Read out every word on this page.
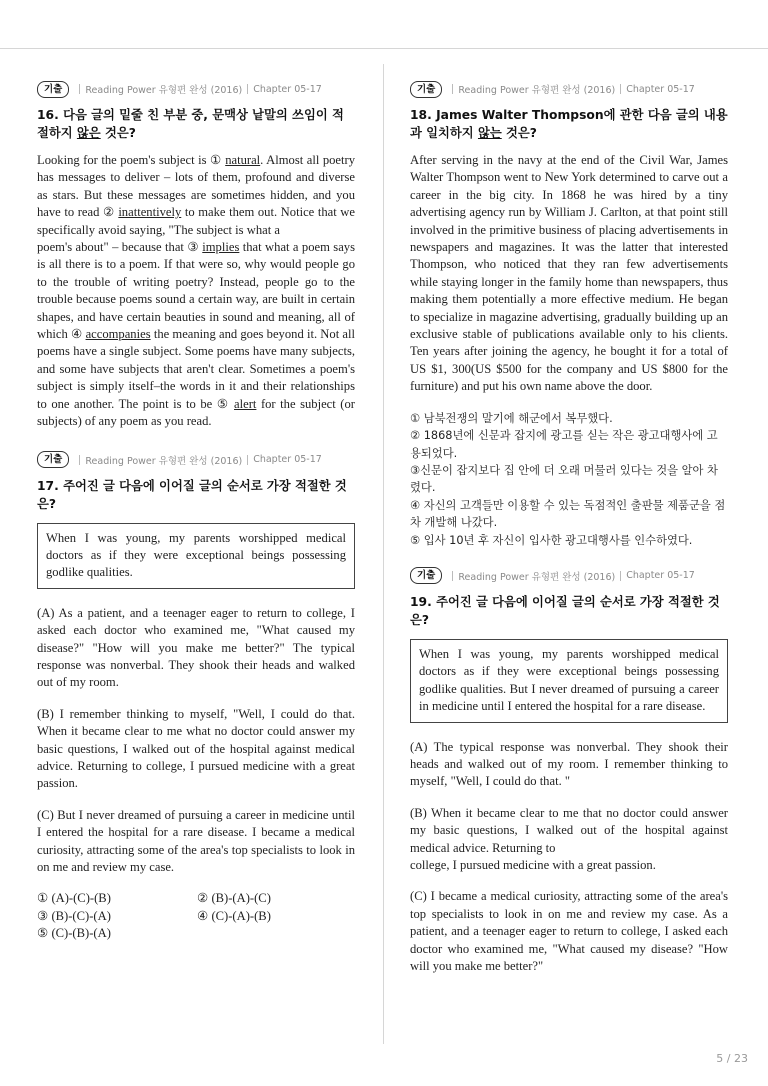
기출	Reading Power 유형편 완성 (2016) Chapter 05-17
16. 다음 글의 밑줄 친 부분 중, 문맥상 낱말의 쓰임이 적절하지 않은 것은?

Looking for the poem's subject is ① natural. Almost all poetry has messages to deliver – lots of them, profound and diverse as stars. But these messages are sometimes hidden, and you have to read ② inattentively to make them out. Notice that we specifically avoid saying, "The subject is what a
poem's about" – because that ③ implies that what a poem says is all there is to a poem. If that were so, why would people go to the trouble of writing poetry? Instead, people go to the trouble because poems sound a certain way, are built in certain shapes, and have certain beauties in sound and meaning, all of which ④ accompanies the meaning and goes beyond it. Not all poems have a single subject. Some poems have many subjects, and some have subjects that aren't clear. Sometimes a poem's subject is simply itself–the words in it and their relationships to one another. The point is to be ⑤ alert for the subject (or subjects) of any poem as you read.

기출	Reading Power 유형편 완성 (2016) Chapter 05-17
17. 주어진 글 다음에 이어질 글의 순서로 가장 적절한 것은?
When I was young, my parents worshipped medical doctors as if they were exceptional beings possessing godlike qualities.

(A) As a patient, and a teenager eager to return to college, I asked each doctor who examined me, "What caused my disease?" "How will you make me better?" The typical response was nonverbal. They shook their heads and walked out of my room.

(B) I remember thinking to myself, "Well, I could do that. When it became clear to me what no doctor could answer my basic questions, I walked out of the hospital against medical advice. Returning to college, I pursued medicine with a great passion.

(C) But I never dreamed of pursuing a career in medicine until I entered the hospital for a rare disease. I became a medical curiosity, attracting some of the area's top specialists to look in on me and review my case.

① (A)-(C)-(B)	② (B)-(A)-(C)
③ (B)-(C)-(A)	④ (C)-(A)-(B)
⑤ (C)-(B)-(A)
기출	Reading Power 유형편 완성 (2016) Chapter 05-17
18. James Walter Thompson에 관한 다음 글의 내용과 일치하지 않는 것은?

After serving in the navy at the end of the Civil War, James Walter Thompson went to New York determined to carve out a career in the big city. In 1868 he was hired by a tiny advertising agency run by William J. Carlton, at that point still involved in the primitive business of placing advertisements in newspapers and magazines. It was the latter that interested Thompson, who noticed that they ran few advertisements while staying longer in the family home than newspapers, thus making them potentially a more effective medium. He began to specialize in magazine advertising, gradually building up an exclusive stable of publications available only to his clients. Ten years after joining the agency, he bought it for a total of US $1, 300(US $500 for the company and US $800 for the furniture) and put his own name above the door.

① 남북전쟁의 말기에 해군에서 복무했다.

② 1868년에 신문과 잡지에 광고를 싣는 작은 광고대행사에 고용되었다.

③신문이 잡지보다 집 안에 더 오래 머물러 있다는 것을 알아 차렸다.

④ 자신의 고객들만 이용할 수 있는 독점적인 출판물 제품군을 점차 개발해 나갔다.

⑤ 입사 10년 후 자신이 입사한 광고대행사를 인수하였다.

기출	Reading Power 유형편 완성 (2016) Chapter 05-17
19. 주어진 글 다음에 이어질 글의 순서로 가장 적절한 것은?
When I was young, my parents worshipped medical doctors as if they were exceptional beings possessing godlike qualities. But I never dreamed of pursuing a career in medicine until I entered the hospital for a rare disease.

(A) The typical response was nonverbal. They shook their heads and walked out of my room. I remember thinking to myself, "Well, I could do that. "

(B) When it became clear to me that no doctor could answer my basic questions, I walked out of the hospital against medical advice. Returning to
college, I pursued medicine with a great passion.

(C) I became a medical curiosity, attracting some of the area's top specialists to look in on me and review my case. As a patient, and a teenager eager to return to college, I asked each doctor who examined me, "What caused my disease? "How will you make me better?"

5 / 23
